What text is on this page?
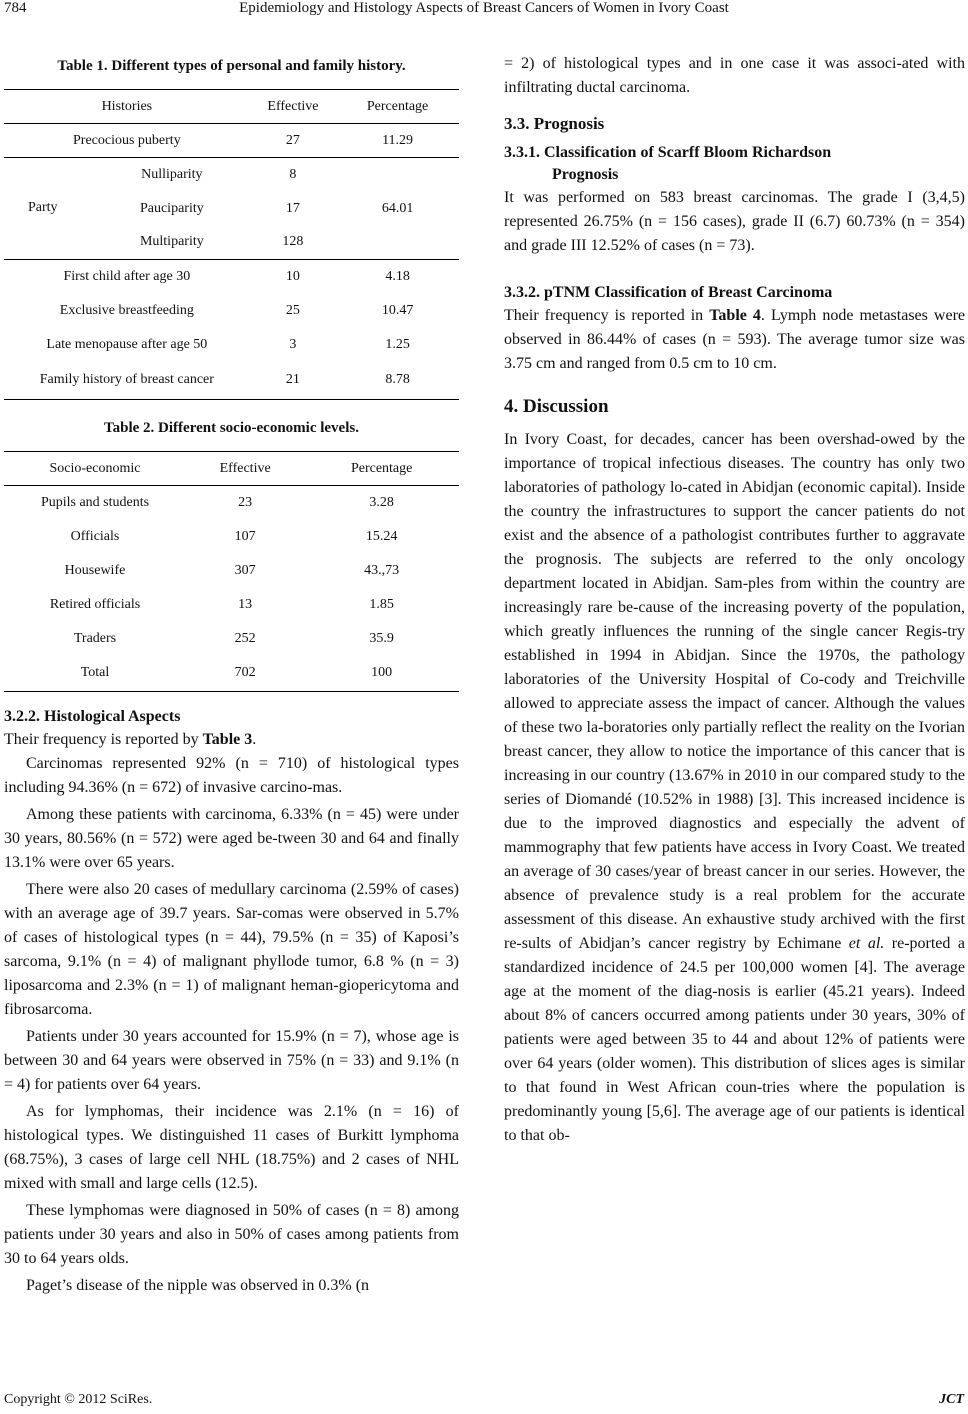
784	Epidemiology and Histology Aspects of Breast Cancers of Women in Ivory Coast

Table 1. Different types of personal and family history.

Histories	Effective	Percentage
Precocious puberty	27	11.29

Party
Nulliparity	8	64.01
Pauciparity	17	
Multiparity	128	
First child after age 30	10	4.18
Exclusive breastfeeding	25	10.47
Late menopause after age 50	3	1.25
Family history of breast cancer	21	8.78

Table 2. Different socio-economic levels.

Socio-economic	Effective	Percentage
Pupils and students	23	3.28
Officials	107	15.24
Housewife	307	43.,73
Retired officials	13	1.85
Traders	252	35.9
Total	702	100

3.2.2. Histological Aspects

Their frequency is reported by Table 3.

Carcinomas represented 92% (n = 710) of histological types including 94.36% (n = 672) of invasive carcino-mas.

Among these patients with carcinoma, 6.33% (n = 45) were under 30 years, 80.56% (n = 572) were aged be-tween 30 and 64 and finally 13.1% were over 65 years.

There were also 20 cases of medullary carcinoma (2.59% of cases) with an average age of 39.7 years. Sar-comas were observed in 5.7% of cases of histological types (n = 44), 79.5% (n = 35) of Kaposi’s sarcoma, 9.1% (n = 4) of malignant phyllode tumor, 6.8 % (n = 3) liposarcoma and 2.3% (n = 1) of malignant heman-giopericytoma and fibrosarcoma.

Patients under 30 years accounted for 15.9% (n = 7), whose age is between 30 and 64 years were observed in 75% (n = 33) and 9.1% (n = 4) for patients over 64 years.

As for lymphomas, their incidence was 2.1% (n = 16) of histological types. We distinguished 11 cases of Burkitt lymphoma (68.75%), 3 cases of large cell NHL (18.75%) and 2 cases of NHL mixed with small and large cells (12.5).

These lymphomas were diagnosed in 50% of cases (n = 8) among patients under 30 years and also in 50% of cases among patients from 30 to 64 years olds.

Paget’s disease of the nipple was observed in 0.3% (n

= 2) of histological types and in one case it was associ-ated with infiltrating ductal carcinoma.

3.3. Prognosis

3.3.1. Classification of Scarff Bloom Richardson

Prognosis

It was performed on 583 breast carcinomas. The grade I (3,4,5) represented 26.75% (n = 156 cases), grade II (6.7) 60.73% (n = 354) and grade III 12.52% of cases (n = 73).

3.3.2. pTNM Classification of Breast Carcinoma

Their frequency is reported in Table 4. Lymph node metastases were observed in 86.44% of cases (n = 593). The average tumor size was 3.75 cm and ranged from 0.5 cm to 10 cm.

4. Discussion

In Ivory Coast, for decades, cancer has been overshad-owed by the importance of tropical infectious diseases. The country has only two laboratories of pathology lo-cated in Abidjan (economic capital). Inside the country the infrastructures to support the cancer patients do not exist and the absence of a pathologist contributes further to aggravate the prognosis. The subjects are referred to the only oncology department located in Abidjan. Sam-ples from within the country are increasingly rare be-cause of the increasing poverty of the population, which greatly influences the running of the single cancer Regis-try established in 1994 in Abidjan. Since the 1970s, the pathology laboratories of the University Hospital of Co-cody and Treichville allowed to appreciate assess the impact of cancer. Although the values of these two la-boratories only partially reflect the reality on the Ivorian breast cancer, they allow to notice the importance of this cancer that is increasing in our country (13.67% in 2010 in our compared study to the series of Diomandé (10.52% in 1988) [3]. This increased incidence is due to the improved diagnostics and especially the advent of mammography that few patients have access in Ivory Coast. We treated an average of 30 cases/year of breast cancer in our series. However, the absence of prevalence study is a real problem for the accurate assessment of this disease. An exhaustive study archived with the first re-sults of Abidjan’s cancer registry by Echimane et al. re-ported a standardized incidence of 24.5 per 100,000 women [4]. The average age at the moment of the diag-nosis is earlier (45.21 years). Indeed about 8% of cancers occurred among patients under 30 years, 30% of patients were aged between 35 to 44 and about 12% of patients were over 64 years (older women). This distribution of slices ages is similar to that found in West African coun-tries where the population is predominantly young [5,6]. The average age of our patients is identical to that ob-

Copyright © 2012 SciRes.	JCT
